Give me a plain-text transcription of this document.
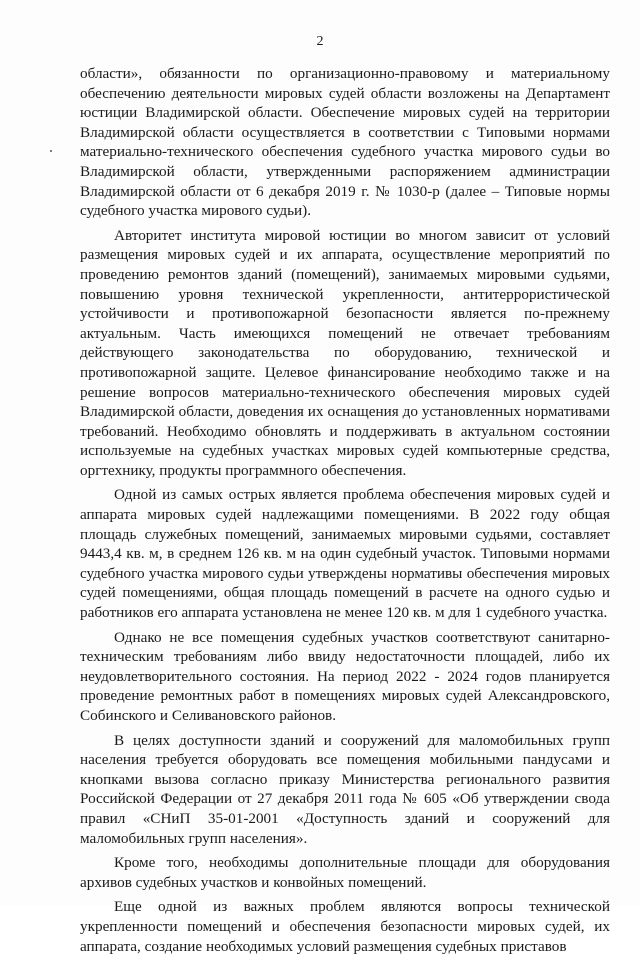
2

области», обязанности по организационно-правовому и материальному обеспечению деятельности мировых судей области возложены на Департамент юстиции Владимирской области. Обеспечение мировых судей на территории Владимирской области осуществляется в соответствии с Типовыми нормами материально-технического обеспечения судебного участка мирового судьи во Владимирской области, утвержденными распоряжением администрации Владимирской области от 6 декабря 2019 г. № 1030-р (далее – Типовые нормы судебного участка мирового судьи).

Авторитет института мировой юстиции во многом зависит от условий размещения мировых судей и их аппарата, осуществление мероприятий по проведению ремонтов зданий (помещений), занимаемых мировыми судьями, повышению уровня технической укрепленности, антитеррористической устойчивости и противопожарной безопасности является по-прежнему актуальным. Часть имеющихся помещений не отвечает требованиям действующего законодательства по оборудованию, технической и противопожарной защите. Целевое финансирование необходимо также и на решение вопросов материально-технического обеспечения мировых судей Владимирской области, доведения их оснащения до установленных нормативами требований. Необходимо обновлять и поддерживать в актуальном состоянии используемые на судебных участках мировых судей компьютерные средства, оргтехнику, продукты программного обеспечения.

Одной из самых острых является проблема обеспечения мировых судей и аппарата мировых судей надлежащими помещениями. В 2022 году общая площадь служебных помещений, занимаемых мировыми судьями, составляет 9443,4 кв. м, в среднем 126 кв. м на один судебный участок. Типовыми нормами судебного участка мирового судьи утверждены нормативы обеспечения мировых судей помещениями, общая площадь помещений в расчете на одного судью и работников его аппарата установлена не менее 120 кв. м для 1 судебного участка.

Однако не все помещения судебных участков соответствуют санитарно-техническим требованиям либо ввиду недостаточности площадей, либо их неудовлетворительного состояния. На период 2022 - 2024 годов планируется проведение ремонтных работ в помещениях мировых судей Александровского, Собинского и Селивановского районов.

В целях доступности зданий и сооружений для маломобильных групп населения требуется оборудовать все помещения мобильными пандусами и кнопками вызова согласно приказу Министерства регионального развития Российской Федерации от 27 декабря 2011 года № 605 «Об утверждении свода правил «СНиП 35-01-2001 «Доступность зданий и сооружений для маломобильных групп населения».

Кроме того, необходимы дополнительные площади для оборудования архивов судебных участков и конвойных помещений.

Еще одной из важных проблем являются вопросы технической укрепленности помещений и обеспечения безопасности мировых судей, их аппарата, создание необходимых условий размещения судебных приставов
